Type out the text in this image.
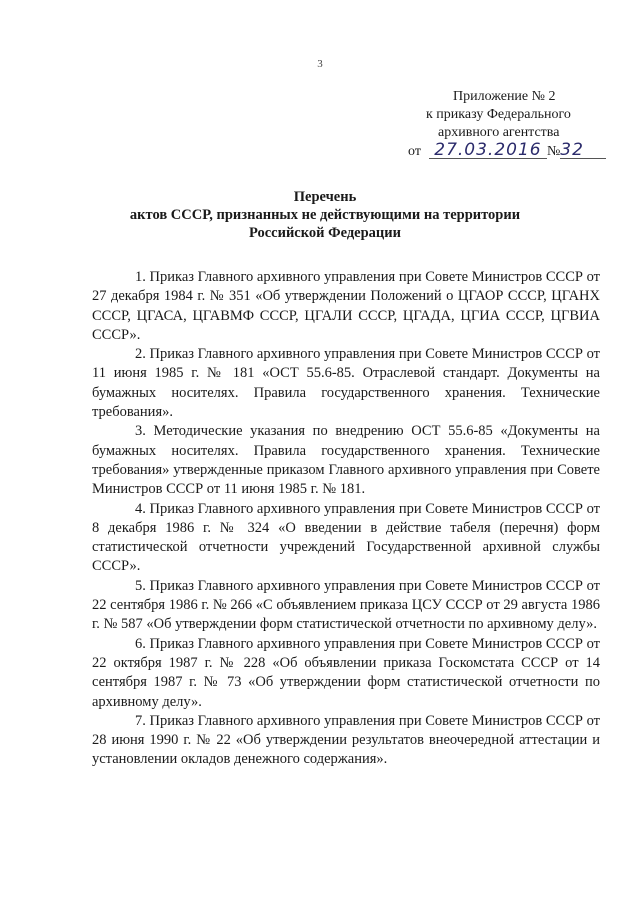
3
Приложение № 2
к приказу Федерального
архивного агентства
от 27.03.2016 №32
Перечень
актов СССР, признанных не действующими на территории
Российской Федерации

1. Приказ Главного архивного управления при Совете Министров СССР от 27 декабря 1984 г. № 351 «Об утверждении Положений о ЦГАОР СССР, ЦГАНХ СССР, ЦГАСА, ЦГАВМФ СССР, ЦГАЛИ СССР, ЦГАДА, ЦГИА СССР, ЦГВИА СССР».

2. Приказ Главного архивного управления при Совете Министров СССР от 11 июня 1985 г. № 181 «ОСТ 55.6-85. Отраслевой стандарт. Документы на бумажных носителях. Правила государственного хранения. Технические требования».

3. Методические указания по внедрению ОСТ 55.6-85 «Документы на бумажных носителях. Правила государственного хранения. Технические требования» утвержденные приказом Главного архивного управления при Совете Министров СССР от 11 июня 1985 г. № 181.

4. Приказ Главного архивного управления при Совете Министров СССР от 8 декабря 1986 г. № 324 «О введении в действие табеля (перечня) форм статистической отчетности учреждений Государственной архивной службы СССР».

5. Приказ Главного архивного управления при Совете Министров СССР от 22 сентября 1986 г. № 266 «С объявлением приказа ЦСУ СССР от 29 августа 1986 г. № 587 «Об утверждении форм статистической отчетности по архивному делу».

6. Приказ Главного архивного управления при Совете Министров СССР от 22 октября 1987 г. № 228 «Об объявлении приказа Госкомстата СССР от 14 сентября 1987 г. № 73 «Об утверждении форм статистической отчетности по архивному делу».

7. Приказ Главного архивного управления при Совете Министров СССР от 28 июня 1990 г. № 22 «Об утверждении результатов внеочередной аттестации и установлении окладов денежного содержания».
